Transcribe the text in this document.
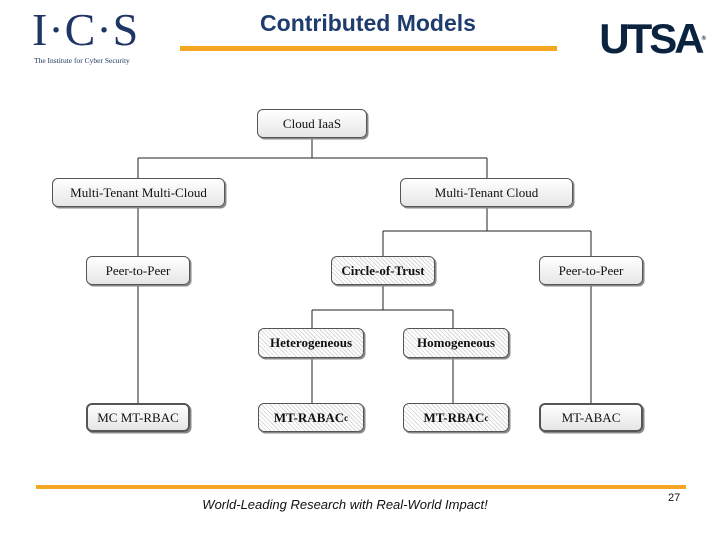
I·C·S
The Institute for Cyber Security
Contributed Models	UTSA®
Cloud IaaS
Multi-Tenant Multi-Cloud	Multi-Tenant Cloud
Peer-to-Peer	Circle-of-Trust	Peer-to-Peer
Heterogeneous	Homogeneous
MC MT-RBAC	MT-RABAC c	MT-RBAC c	MT-ABAC
World-Leading Research with Real-World Impact!	27
